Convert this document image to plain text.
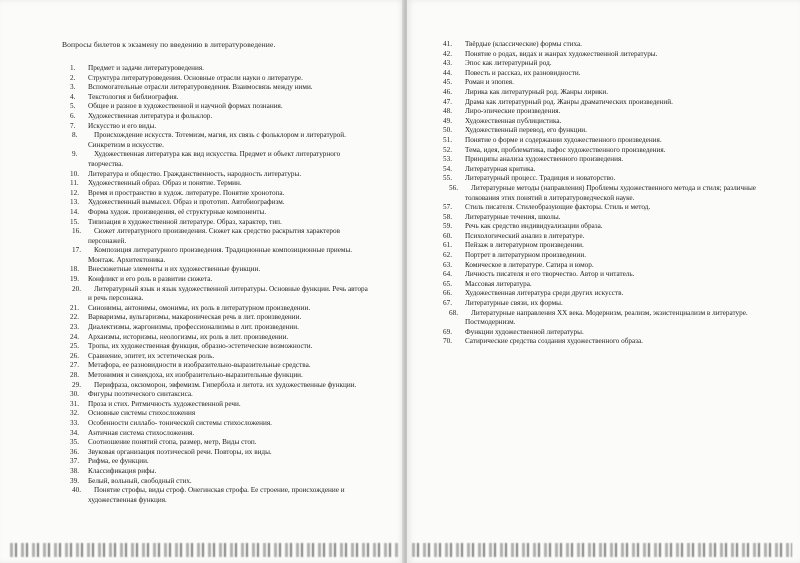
Вопросы билетов к экзамену по введению в литературоведение.
1. Предмет и задачи литературоведения.
2. Структура литературоведения. Основные отрасли науки о литературе.
3. Вспомогательные отрасли литературоведения. Взаимосвязь между ними.
4. Текстология и библиография.
5. Общее и разное в художественной и научной формах познания.
6. Художественная литература и фольклор.
7. Искусство и его виды.
8. Происхождение искусств. Тотемизм, магия, их связь с фольклором и литературой. Синкретизм в искусстве.
9. Художественная литература как вид искусства. Предмет и объект литературного творчества.
10. Литература и общество. Гражданственность, народность литературы.
11. Художественный образ. Образ и понятие. Термин.
12. Время и пространство в худож. литературе. Понятие хронотопа.
13. Художественный вымысел. Образ и прототип. Автобиографизм.
14. Форма худож. произведения, её структурные компоненты.
15. Типизация в художественной литературе. Образ, характер, тип.
16. Сюжет литературного произведения. Сюжет как средство раскрытия характеров персонажей.
17. Композиция литературного произведения. Традиционные композиционные приемы. Монтаж. Архитектоника.
18. Внесюжетные элементы и их художественные функции.
19. Конфликт и его роль в развитии сюжета.
20. Литературный язык и язык художественной литературы. Основные функции. Речь автора и речь персонажа.
21. Синонимы, антонимы, омонимы, их роль в литературном произведении.
22. Варваризмы, вульгаризмы, макароническая речь в лит. произведении.
23. Диалектизмы, жаргонизмы, профессионализмы в лит. произведении.
24. Архаизмы, историзмы, неологизмы, их роль в лит. произведении.
25. Тропы, их художественная функция, образно-эстетические возможности.
26. Сравнение, эпитет, их эстетическая роль.
27. Метафора, ее разновидности в изобразительно-выразительные средства.
28. Метонимия и синекдоха, их изобразительно-выразительные функции.
29. Перифраза, оксюморон, эвфемизм. Гипербола и литота. их художественные функции.
30. Фигуры поэтического синтаксиса.
31. Проза и стих. Ритмичность художественной речи.
32. Основные системы стихосложения
33. Особенности силлабо- тонической системы стихосложения.
34. Античная система стихосложения.
35. Соотношение понятий стопа, размер, метр, Виды стоп.
36. Звуковая организация поэтической речи. Повторы, их виды.
37. Рифма, ее функции.
38. Классификация рифы.
39. Белый, вольный, свободный стих.
40. Понятие строфы, виды строф. Онегинская строфа. Ее строение, происхождение и художественная функция.
41. Твёрдые (классические) формы стиха.
42. Понятие о родах, видах и жанрах художественной литературы.
43. Эпос как литературный род.
44. Повесть и рассказ, их разновидности.
45. Роман и эпопея.
46. Лирика как литературный род. Жанры лирики.
47. Драма как литературный род. Жанры драматических произведений.
48. Лиро-эпические произведения.
49. Художественная публицистика.
50. Художественный перевод, его функции.
51. Понятие о форме и содержании художественного произведения.
52. Тема, идея, проблематика, пафос художественного произведения.
53. Принципы анализа художественного произведения.
54. Литературная критика.
55. Литературный процесс. Традиция и новаторство.
56. Литературные методы (направления) Проблемы художественного метода и стиля; различные толкования этих понятий в литературоведческой науке.
57. Стиль писателя. Стилеобразующие факторы. Стиль и метод.
58. Литературные течения, школы.
59. Речь как средство индивидуализации образа.
60. Психологический анализ в литературе.
61. Пейзаж в литературном произведении.
62. Портрет в литературном произведении.
63. Комическое в литературе. Сатира и юмор.
64. Личность писателя и его творчество. Автор и читатель.
65. Массовая литература.
66. Художественная литература среди других искусств.
67. Литературные связи, их формы.
68. Литературные направления XX века. Модернизм, реализм, экзистенциализм в литературе. Постмодернизм.
69. Функции художественной литературы.
70. Сатирические средства создания художественного образа.
